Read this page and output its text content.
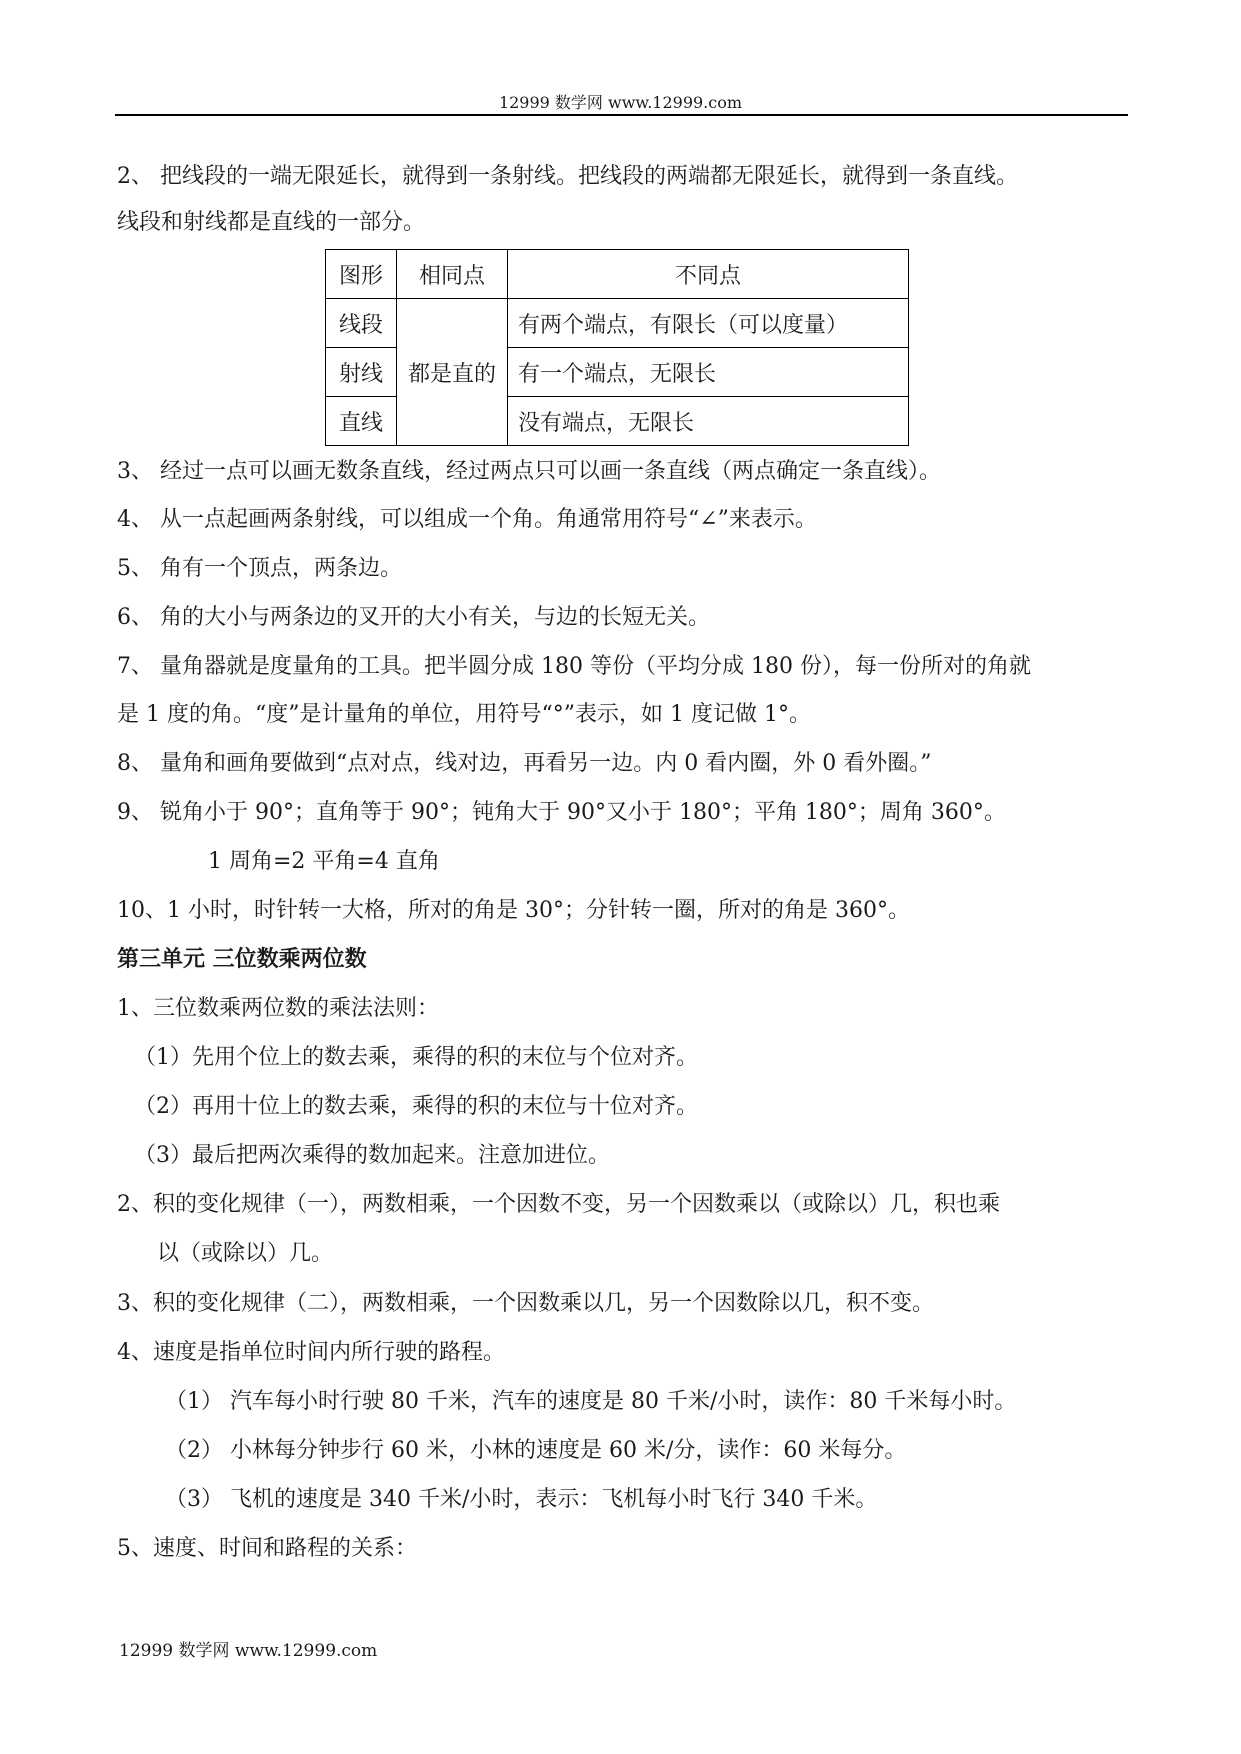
12999 数学网 www.12999.com
2、 把线段的一端无限延长，就得到一条射线。把线段的两端都无限延长，就得到一条直线。
线段和射线都是直线的一部分。
图形	相同点	不同点
线段	都是直的	有两个端点，有限长（可以度量）
射线		有一个端点，无限长
直线		没有端点，无限长
3、 经过一点可以画无数条直线，经过两点只可以画一条直线（两点确定一条直线）。
4、 从一点起画两条射线，可以组成一个角。角通常用符号“∠”来表示。
5、 角有一个顶点，两条边。
6、 角的大小与两条边的叉开的大小有关，与边的长短无关。
7、 量角器就是度量角的工具。把半圆分成 180 等份（平均分成 180 份），每一份所对的角就
是 1 度的角。“度”是计量角的单位，用符号“°”表示，如 1 度记做 1°。
8、 量角和画角要做到“点对点，线对边，再看另一边。内 0 看内圈，外 0 看外圈。”
9、 锐角小于 90°；直角等于 90°；钝角大于 90°又小于 180°；平角 180°；周角 360°。
1 周角=2 平角=4 直角
10、1 小时，时针转一大格，所对的角是 30°；分针转一圈，所对的角是 360°。
第三单元 三位数乘两位数
1、三位数乘两位数的乘法法则：
（1）先用个位上的数去乘，乘得的积的末位与个位对齐。
（2）再用十位上的数去乘，乘得的积的末位与十位对齐。
（3）最后把两次乘得的数加起来。注意加进位。
2、积的变化规律（一），两数相乘，一个因数不变，另一个因数乘以（或除以）几，积也乘
以（或除以）几。
3、积的变化规律（二），两数相乘，一个因数乘以几，另一个因数除以几，积不变。
4、速度是指单位时间内所行驶的路程。
（1） 汽车每小时行驶 80 千米，汽车的速度是 80 千米/小时，读作：80 千米每小时。
（2） 小林每分钟步行 60 米，小林的速度是 60 米/分，读作：60 米每分。
（3） 飞机的速度是 340 千米/小时，表示：飞机每小时飞行 340 千米。
5、速度、时间和路程的关系：
12999 数学网 www.12999.com
